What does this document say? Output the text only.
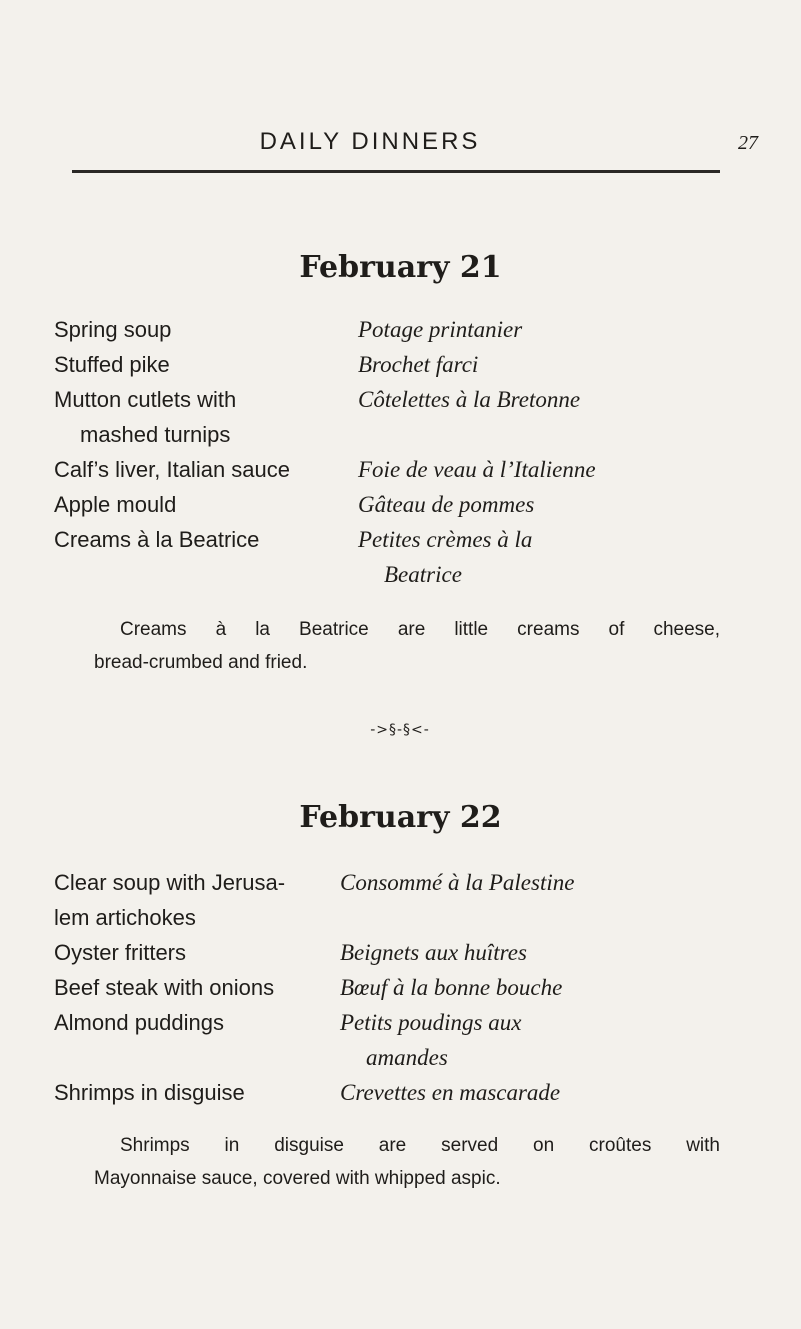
DAILY DINNERS	27
February 21
Spring soup
Stuffed pike
Mutton cutlets with
mashed turnips
Calf’s liver, Italian sauce
Apple mould
Creams à la Beatrice
Potage printanier
Brochet farci
Côtelettes à la Bretonne
Foie de veau à l’Italienne
Gâteau de pommes
Petites crèmes à la
Beatrice
Creams à la Beatrice are little creams of cheese,
bread-crumbed and fried.
->§-§<-
February 22
Clear soup with Jerusa-
lem artichokes
Oyster fritters
Beef steak with onions
Almond puddings
Shrimps in disguise
Consommé à la Palestine
Beignets aux huîtres
Bœuf à la bonne bouche
Petits poudings aux
amandes
Crevettes en mascarade
Shrimps in disguise are served on croûtes with
Mayonnaise sauce, covered with whipped aspic.
